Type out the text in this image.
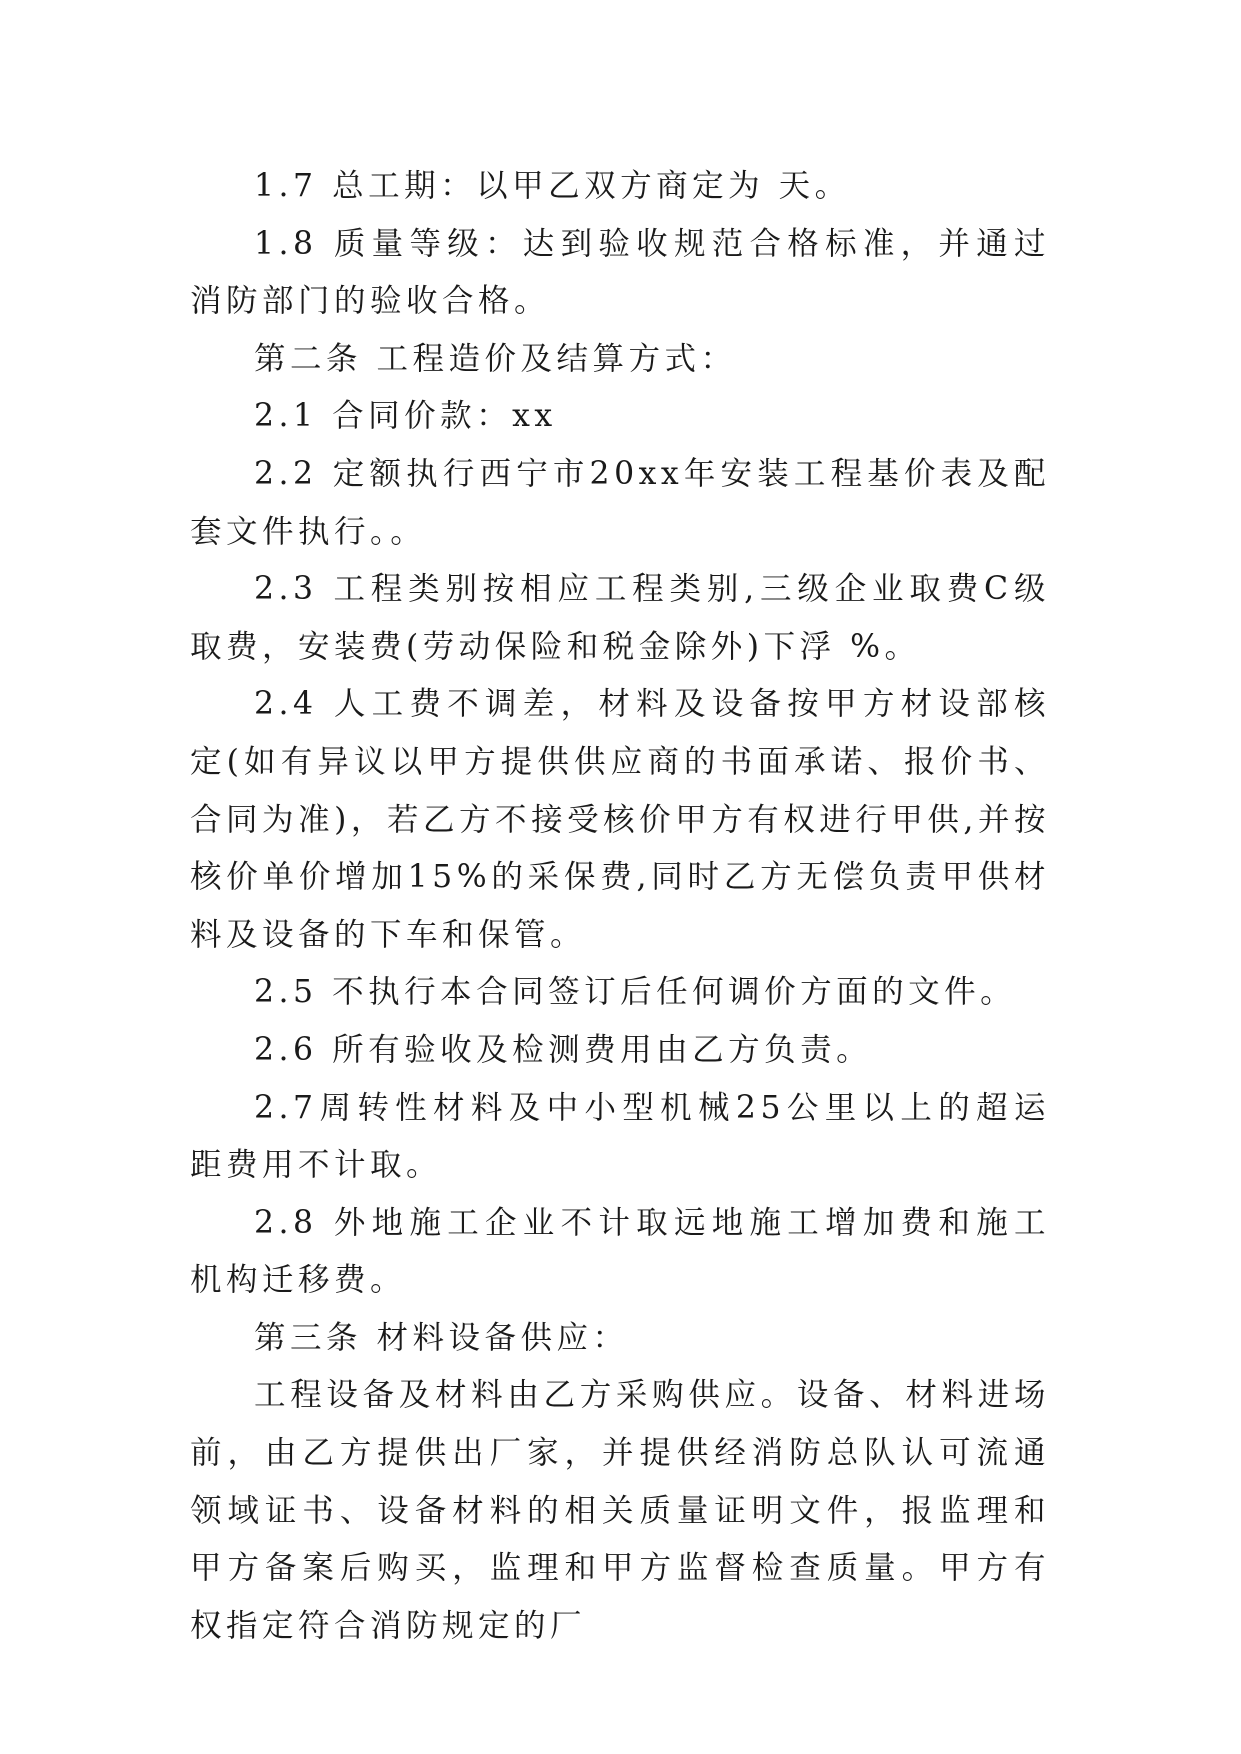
1.7 总工期：以甲乙双方商定为 天。

1.8 质量等级：达到验收规范合格标准，并通过消防部门的验收合格。

第二条 工程造价及结算方式：

2.1 合同价款：xx

2.2 定额执行西宁市20xx年安装工程基价表及配套文件执行。。

2.3 工程类别按相应工程类别,三级企业取费C级取费，安装费(劳动保险和税金除外)下浮 %。

2.4 人工费不调差，材料及设备按甲方材设部核定(如有异议以甲方提供供应商的书面承诺、报价书、合同为准)，若乙方不接受核价甲方有权进行甲供,并按核价单价增加15%的采保费,同时乙方无偿负责甲供材料及设备的下车和保管。

2.5 不执行本合同签订后任何调价方面的文件。

2.6 所有验收及检测费用由乙方负责。

2.7周转性材料及中小型机械25公里以上的超运距费用不计取。

2.8 外地施工企业不计取远地施工增加费和施工机构迁移费。

第三条 材料设备供应：

工程设备及材料由乙方采购供应。设备、材料进场前，由乙方提供出厂家，并提供经消防总队认可流通领域证书、设备材料的相关质量证明文件，报监理和甲方备案后购买，监理和甲方监督检查质量。甲方有权指定符合消防规定的厂
